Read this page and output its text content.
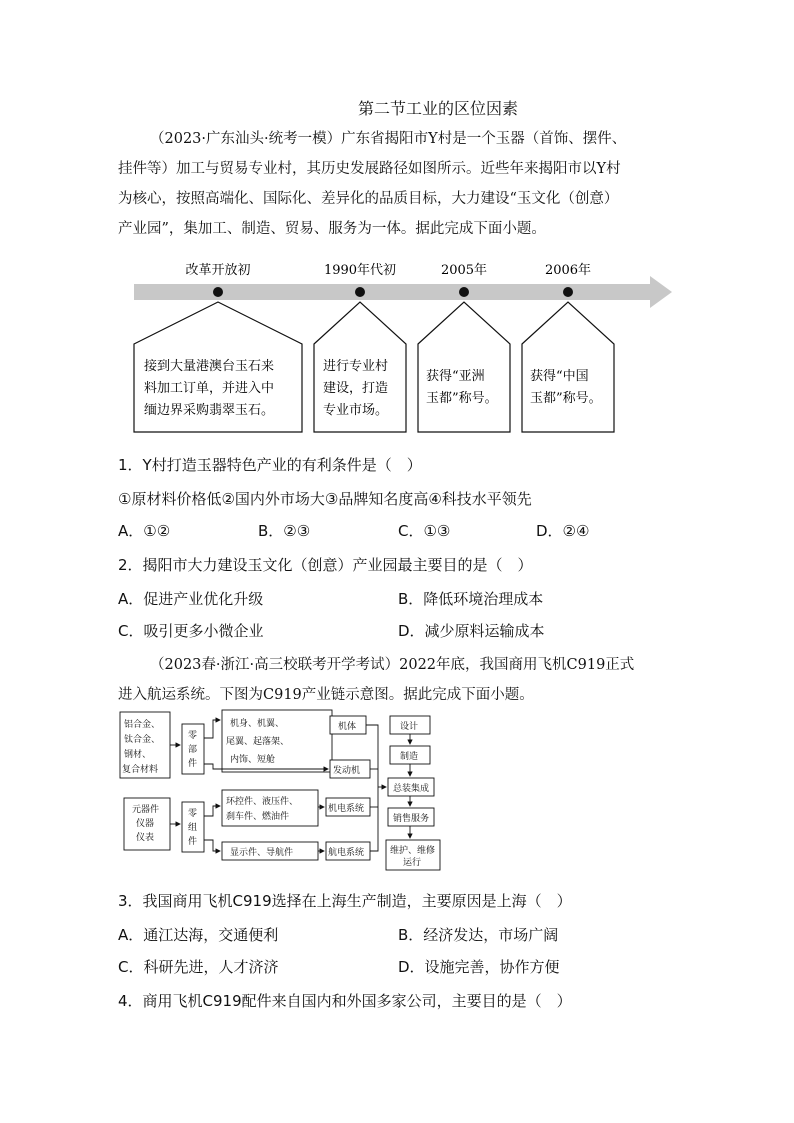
第二节工业的区位因素
（2023·广东汕头·统考一模）广东省揭阳市Y村是一个玉器（首饰、摆件、
挂件等）加工与贸易专业村，其历史发展路径如图所示。近些年来揭阳市以Y村
为核心，按照高端化、国际化、差异化的品质目标，大力建设“玉文化（创意）
产业园”，集加工、制造、贸易、服务为一体。据此完成下面小题。
改革开放初	1990年代初	2005年	2006年
接到大量港澳台玉石来
料加工订单，并进入中
缅边界采购翡翠玉石。
进行专业村
建设，打造
专业市场。
获得“亚洲
玉都”称号。
获得“中国
玉都”称号。
1．Y村打造玉器特色产业的有利条件是（　）
①原材料价格低②国内外市场大③品牌知名度高④科技水平领先
A．①②	B．②③	C．①③	D．②④
2．揭阳市大力建设玉文化（创意）产业园最主要目的是（　）
A．促进产业优化升级	B．降低环境治理成本
C．吸引更多小微企业	D．减少原料运输成本
（2023春·浙江·高三校联考开学考试）2022年底，我国商用飞机C919正式
进入航运系统。下图为C919产业链示意图。据此完成下面小题。
铝合金、
钛合金、
钢材、
复合材料
零
部
件
机身、机翼、
尾翼、起落架、
内饰、短舱
机体
发动机
元器件
仪器
仪表
零
组
件
环控件、液压件、
刹车件、燃油件
机电系统
显示件、导航件	航电系统
设计
制造
总装集成
销售服务
维护、维修
运行
3．我国商用飞机C919选择在上海生产制造，主要原因是上海（　）
A．通江达海，交通便利	B．经济发达，市场广阔
C．科研先进，人才济济	D．设施完善，协作方便
4．商用飞机C919配件来自国内和外国多家公司，主要目的是（　）
